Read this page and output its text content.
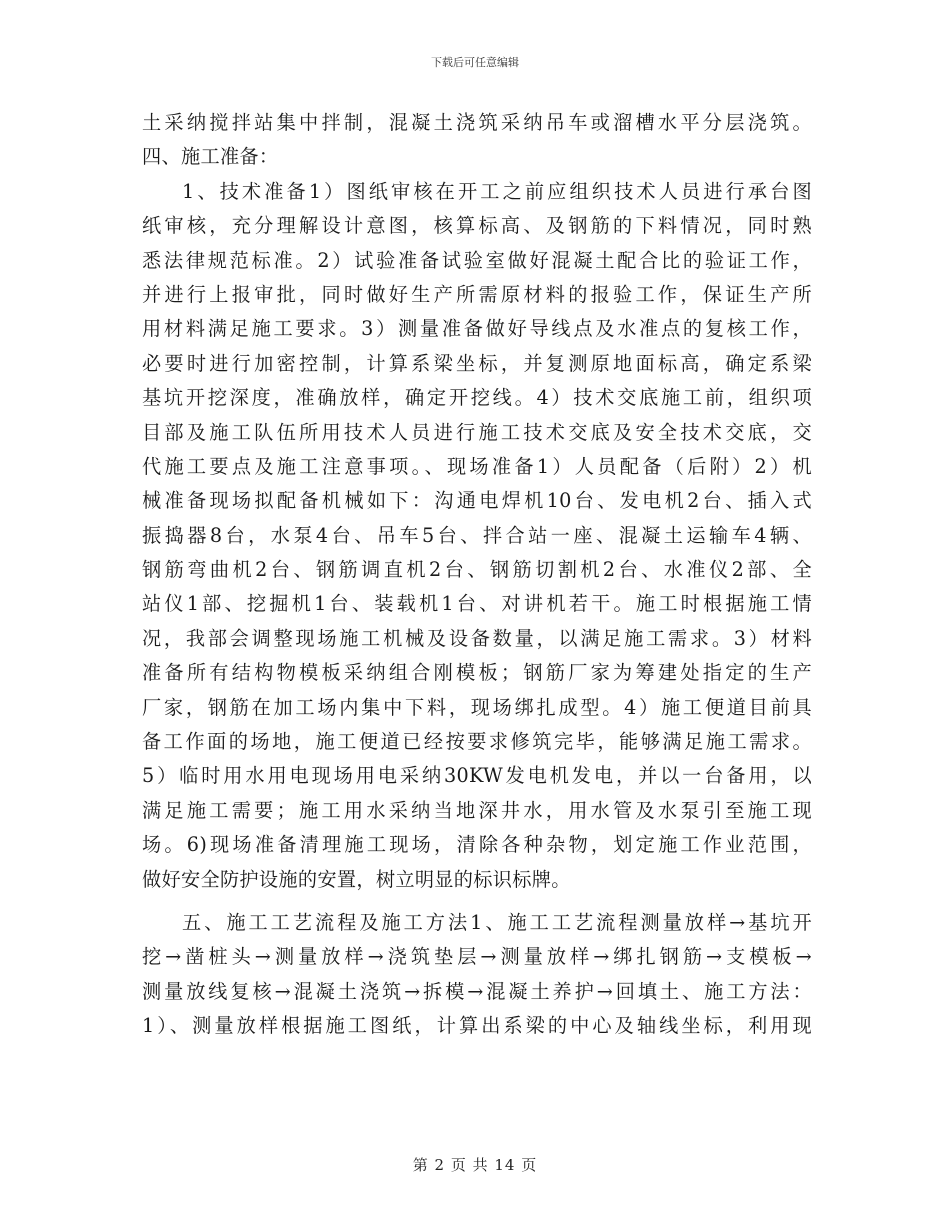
下载后可任意编辑
土采纳搅拌站集中拌制，混凝土浇筑采纳吊车或溜槽水平分层浇筑。
四、施工准备：
1、技术准备1）图纸审核在开工之前应组织技术人员进行承台图
纸审核，充分理解设计意图，核算标高、及钢筋的下料情况，同时熟
悉法律规范标准。2）试验准备试验室做好混凝土配合比的验证工作，
并进行上报审批，同时做好生产所需原材料的报验工作，保证生产所
用材料满足施工要求。3）测量准备做好导线点及水准点的复核工作，
必要时进行加密控制，计算系梁坐标，并复测原地面标高，确定系梁
基坑开挖深度，准确放样，确定开挖线。4）技术交底施工前，组织项
目部及施工队伍所用技术人员进行施工技术交底及安全技术交底，交
代施工要点及施工注意事项。、现场准备1）人员配备（后附）2）机
械准备现场拟配备机械如下：沟通电焊机10台、发电机2台、插入式
振捣器8台，水泵4台、吊车5台、拌合站一座、混凝土运输车4辆、
钢筋弯曲机2台、钢筋调直机2台、钢筋切割机2台、水准仪2部、全
站仪1部、挖掘机1台、装载机1台、对讲机若干。施工时根据施工情
况，我部会调整现场施工机械及设备数量，以满足施工需求。3）材料
准备所有结构物模板采纳组合刚模板；钢筋厂家为筹建处指定的生产
厂家，钢筋在加工场内集中下料，现场绑扎成型。4）施工便道目前具
备工作面的场地，施工便道已经按要求修筑完毕，能够满足施工需求。
5）临时用水用电现场用电采纳30KW发电机发电，并以一台备用，以
满足施工需要；施工用水采纳当地深井水，用水管及水泵引至施工现
场。6)现场准备清理施工现场，清除各种杂物，划定施工作业范围，
做好安全防护设施的安置，树立明显的标识标牌。
五、施工工艺流程及施工方法1、施工工艺流程测量放样→基坑开
挖→凿桩头→测量放样→浇筑垫层→测量放样→绑扎钢筋→支模板→
测量放线复核→混凝土浇筑→拆模→混凝土养护→回填土、施工方法：
1）、测量放样根据施工图纸，计算出系梁的中心及轴线坐标，利用现
第 2 页 共 14 页
